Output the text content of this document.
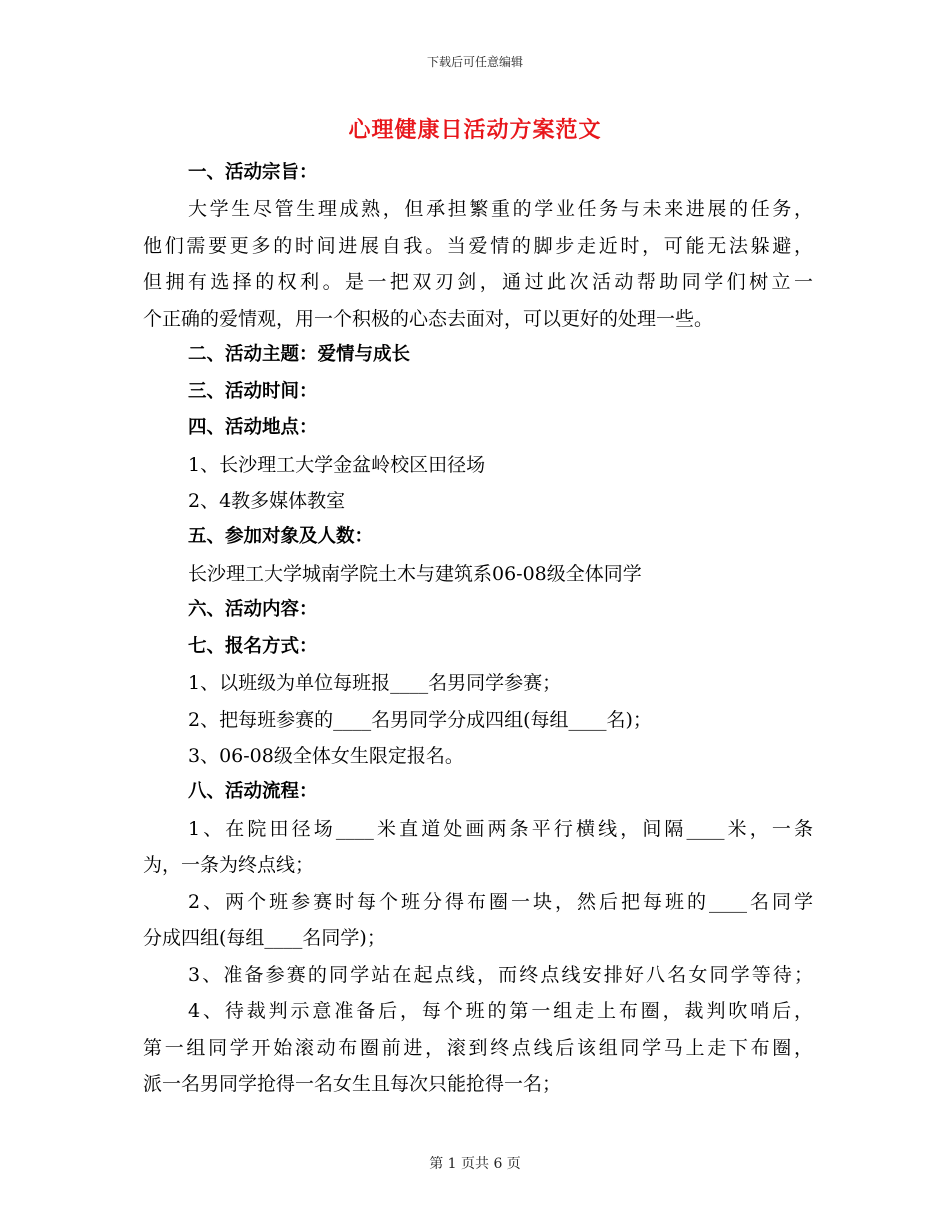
下载后可任意编辑
心理健康日活动方案范文
一、活动宗旨：
大学生尽管生理成熟，但承担繁重的学业任务与未来进展的任务，
他们需要更多的时间进展自我。当爱情的脚步走近时，可能无法躲避，
但拥有选择的权利。是一把双刃剑，通过此次活动帮助同学们树立一
个正确的爱情观，用一个积极的心态去面对，可以更好的处理一些。
二、活动主题：爱情与成长
三、活动时间：
四、活动地点：
1、长沙理工大学金盆岭校区田径场
2、4教多媒体教室
五、参加对象及人数：
长沙理工大学城南学院土木与建筑系06-08级全体同学
六、活动内容：
七、报名方式：
1、以班级为单位每班报____名男同学参赛；
2、把每班参赛的____名男同学分成四组(每组____名)；
3、06-08级全体女生限定报名。
八、活动流程：
1、在院田径场____米直道处画两条平行横线，间隔____米，一条
为，一条为终点线；
2、两个班参赛时每个班分得布圈一块，然后把每班的____名同学
分成四组(每组____名同学)；
3、准备参赛的同学站在起点线，而终点线安排好八名女同学等待；
4、待裁判示意准备后，每个班的第一组走上布圈，裁判吹哨后，
第一组同学开始滚动布圈前进，滚到终点线后该组同学马上走下布圈，
派一名男同学抢得一名女生且每次只能抢得一名；
第 1 页共 6 页
